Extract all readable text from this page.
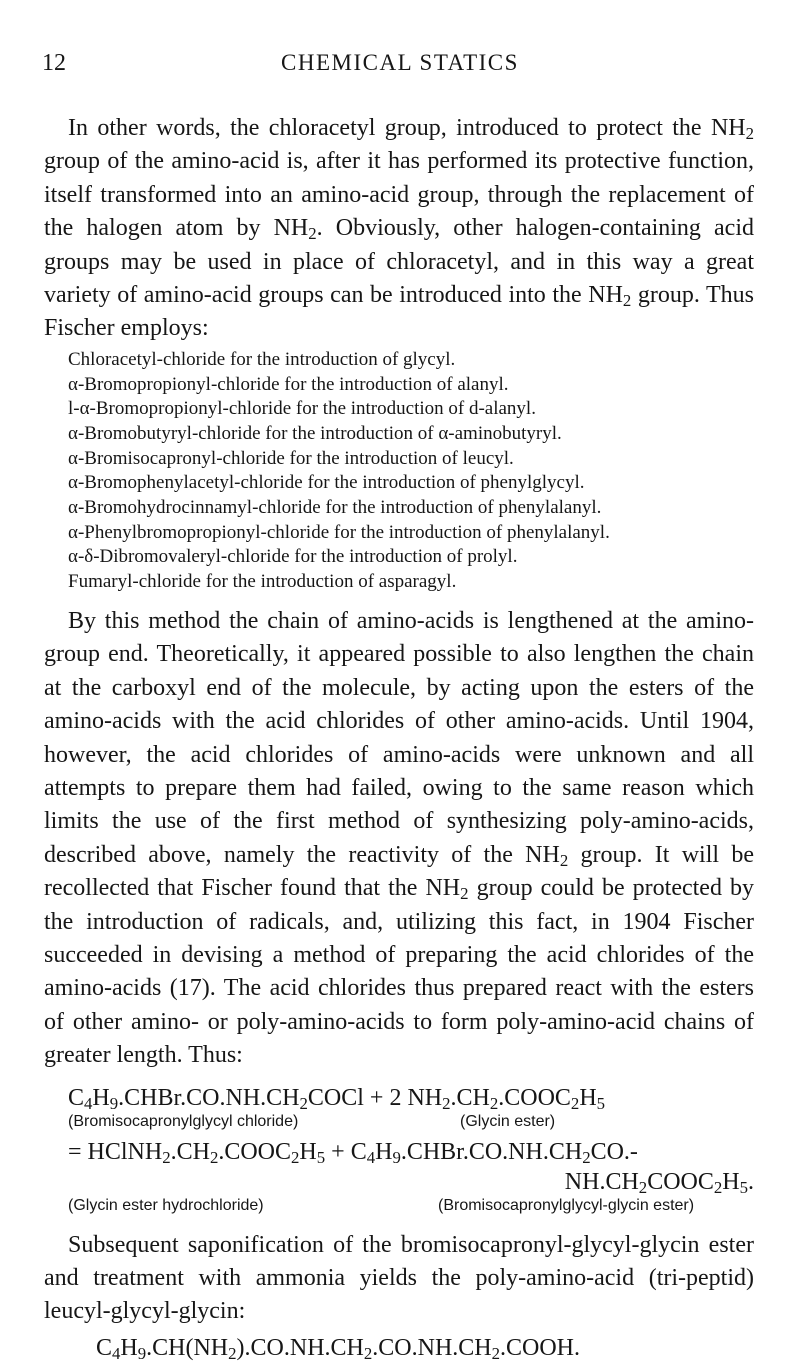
12	CHEMICAL STATICS

In other words, the chloracetyl group, introduced to protect the $NH_2$ group of the amino-acid is, after it has performed its protective function, itself transformed into an amino-acid group, through the replacement of the halogen atom by $NH_2$. Obviously, other halogen-containing acid groups may be used in place of chloracetyl, and in this way a great variety of amino-acid groups can be introduced into the $NH_2$ group. Thus Fischer employs:

Chloracetyl-chloride for the introduction of glycyl.
α-Bromopropionyl-chloride for the introduction of alanyl.
l-α-Bromopropionyl-chloride for the introduction of d-alanyl.
α-Bromobutyryl-chloride for the introduction of α-aminobutyryl.
α-Bromisocapronyl-chloride for the introduction of leucyl.
α-Bromophenylacetyl-chloride for the introduction of phenylglycyl.
α-Bromohydrocinnamyl-chloride for the introduction of phenylalanyl.
α-Phenylbromopropionyl-chloride for the introduction of phenylalanyl.
α-δ-Dibromovaleryl-chloride for the introduction of prolyl.
Fumaryl-chloride for the introduction of asparagyl.

By this method the chain of amino-acids is lengthened at the amino-group end. Theoretically, it appeared possible to also lengthen the chain at the carboxyl end of the molecule, by acting upon the esters of the amino-acids with the acid chlorides of other amino-acids. Until 1904, however, the acid chlorides of amino-acids were unknown and all attempts to prepare them had failed, owing to the same reason which limits the use of the first method of synthesizing poly-amino-acids, described above, namely the reactivity of the $NH_2$ group. It will be recollected that Fischer found that the $NH_2$ group could be protected by the introduction of radicals, and, utilizing this fact, in 1904 Fischer succeeded in devising a method of preparing the acid chlorides of the amino-acids (17). The acid chlorides thus prepared react with the esters of other amino- or poly-amino-acids to form poly-amino-acid chains of greater length. Thus:

$C_4H_9.CHBr.CO.NH.CH_2COCl + 2$ $NH_2.CH_2.COOC_2H_5$
(Bromisocapronylglycyl chloride)	(Glycin ester)
= $HClNH_2.CH_2.COOC_2H_5$ + $C_4H_9.CHBr.CO.NH.CH_2CO.-$
$NH.CH_2COOC_2H_5$.
(Glycin ester hydrochloride)	(Bromisocapronylglycyl-glycin ester)

Subsequent saponification of the bromisocapronyl-glycyl-glycin ester and treatment with ammonia yields the poly-amino-acid (tri-peptid) leucyl-glycyl-glycin:

$C_4H_9.CH(NH_2).CO.NH.CH_2.CO.NH.CH_2.COOH$.
